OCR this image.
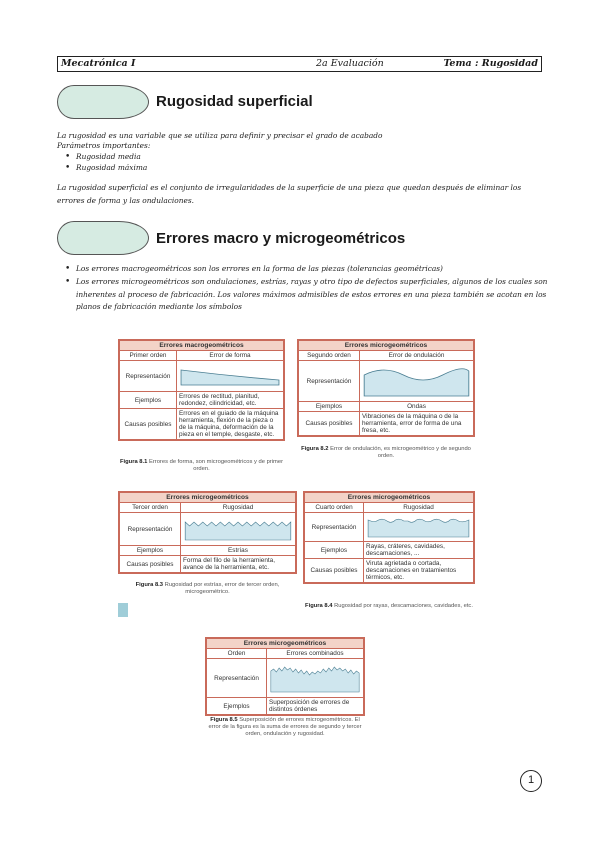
Mecatrónica I	2a Evaluación	Tema : Rugosidad
Rugosidad superficial
La rugosidad es una variable que se utiliza para definir y precisar el grado de acabado
Parámetros importantes:
• Rugosidad media
• Rugosidad máxima
La rugosidad superficial es el conjunto de irregularidades de la superficie de una pieza que quedan después de eliminar los
errores de forma y las ondulaciones.
Errores macro y microgeométricos
• Los errores macrogeométricos son los errores en la forma de las piezas (tolerancias geométricas)
• Los errores microgeométricos son ondulaciones, estrías, rayas y otro tipo de defectos superficiales, algunos de los cuales son
inherentes al proceso de fabricación. Los valores máximos admisibles de estos errores en una pieza también se acotan en los
planos de fabricación mediante los símbolos
Errores macrogeométricos	
Primer orden	Error de forma
Representación	

Ejemplos	Errores de rectitud, planitud, redondez, cilindricidad, etc.
Causas posibles	Errores en el guiado de la máquina herramienta, flexión de la pieza o de la máquina, deformación de la pieza en el temple, desgaste, etc.
Figura 8.1 Errores de forma, son microgeométricos y de primer orden.
Errores microgeométricos	
Segundo orden	Error de ondulación
Representación	

Ejemplos	Ondas
Causas posibles	Vibraciones de la máquina o de la herramienta, error de forma de una fresa, etc.
Figura 8.2 Error de ondulación, es microgeométrico y de segundo orden.
Errores microgeométricos	
Tercer orden	Rugosidad
Representación	

Ejemplos	Estrías
Causas posibles	Forma del filo de la herramienta, avance de la herramienta, etc.
Figura 8.3 Rugosidad por estrías, error de tercer orden, microgeométrico.
Errores microgeométricos	
Cuarto orden	Rugosidad
Representación	

Ejemplos	Rayas, cráteres, cavidades, descamaciones, ...
Causas posibles	Viruta agrietada o cortada, descamaciones en tratamientos térmicos, etc.
Figura 8.4 Rugosidad por rayas, descamaciones, cavidades, etc.
Errores microgeométricos	
Orden	Errores combinados
Representación	

Ejemplos	Superposición de errores de distintos órdenes
Figura 8.5 Superposición de errores microgeométricos. El error de la figura es la suma de errores de segundo y tercer orden, ondulación y rugosidad.
1
